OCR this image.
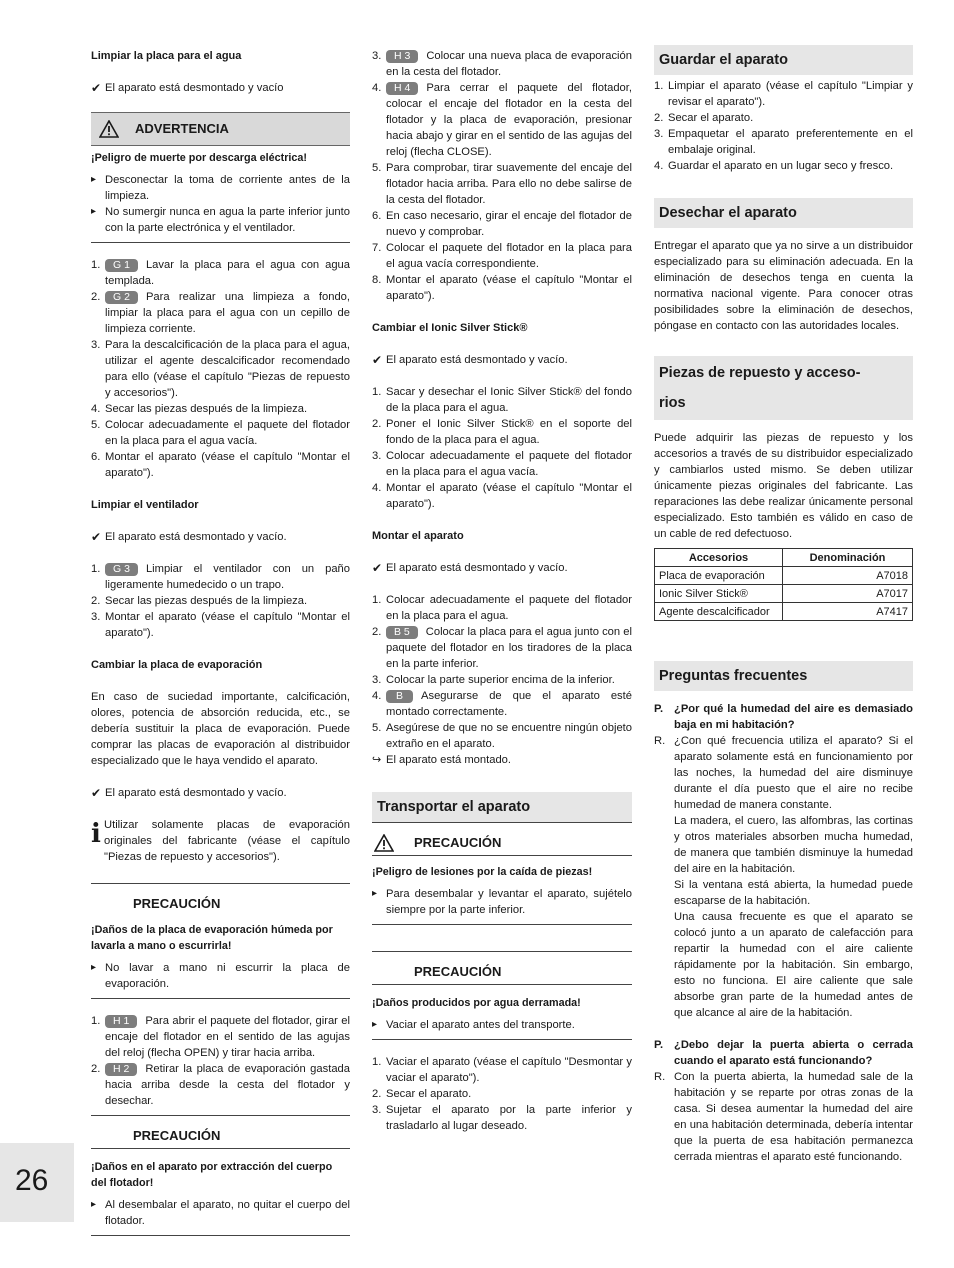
Limpiar la placa para el agua
✔ El aparato está desmontado y vacío
ADVERTENCIA
¡Peligro de muerte por descarga eléctrica!
▸ Desconectar la toma de corriente antes de la limpieza.
▸ No sumergir nunca en agua la parte inferior junto con la parte electrónica y el ventilador.
1. G 1 Lavar la placa para el agua con agua templada.
2. G 2 Para realizar una limpieza a fondo, limpiar la placa para el agua con un cepillo de limpieza corriente.
3. Para la descalcificación de la placa para el agua, utilizar el agente descalcificador recomendado para ello (véase el capítulo "Piezas de repuesto y accesorios").
4. Secar las piezas después de la limpieza.
5. Colocar adecuadamente el paquete del flotador en la placa para el agua vacía.
6. Montar el aparato (véase el capítulo "Montar el aparato").
Limpiar el ventilador
✔ El aparato está desmontado y vacío.
1. G 3 Limpiar el ventilador con un paño ligeramente humedecido o un trapo.
2. Secar las piezas después de la limpieza.
3. Montar el aparato (véase el capítulo "Montar el aparato").
Cambiar la placa de evaporación
En caso de suciedad importante, calcificación, olores, potencia de absorción reducida, etc., se debería sustituir la placa de evaporación. Puede comprar las placas de evaporación al distribuidor especializado que le haya vendido el aparato.
✔ El aparato está desmontado y vacío.
i Utilizar solamente placas de evaporación originales del fabricante (véase el capítulo "Piezas de repuesto y accesorios").
PRECAUCIÓN
¡Daños de la placa de evaporación húmeda por lavarla a mano o escurrirla!
▸ No lavar a mano ni escurrir la placa de evaporación.
1. H 1 Para abrir el paquete del flotador, girar el encaje del flotador en el sentido de las agujas del reloj (flecha OPEN) y tirar hacia arriba.
2. H 2 Retirar la placa de evaporación gastada hacia arriba desde la cesta del flotador y desechar.
PRECAUCIÓN
¡Daños en el aparato por extracción del cuerpo del flotador!
▸ Al desembalar el aparato, no quitar el cuerpo del flotador.
3. H 3 Colocar una nueva placa de evaporación en la cesta del flotador.
4. H 4 Para cerrar el paquete del flotador, colocar el encaje del flotador en la cesta del flotador y la placa de evaporación, presionar hacia abajo y girar en el sentido de las agujas del reloj (flecha CLOSE).
5. Para comprobar, tirar suavemente del encaje del flotador hacia arriba. Para ello no debe salirse de la cesta del flotador.
6. En caso necesario, girar el encaje del flotador de nuevo y comprobar.
7. Colocar el paquete del flotador en la placa para el agua vacía correspondiente.
8. Montar el aparato (véase el capítulo "Montar el aparato").
Cambiar el Ionic Silver Stick®
✔ El aparato está desmontado y vacío.
1. Sacar y desechar el Ionic Silver Stick® del fondo de la placa para el agua.
2. Poner el Ionic Silver Stick® en el soporte del fondo de la placa para el agua.
3. Colocar adecuadamente el paquete del flotador en la placa para el agua vacía.
4. Montar el aparato (véase el capítulo "Montar el aparato").
Montar el aparato
✔ El aparato está desmontado y vacío.
1. Colocar adecuadamente el paquete del flotador en la placa para el agua.
2. B 5 Colocar la placa para el agua junto con el paquete del flotador en los tiradores de la placa en la parte inferior.
3. Colocar la parte superior encima de la inferior.
4. B Asegurarse de que el aparato esté montado correctamente.
5. Asegúrese de que no se encuentre ningún objeto extraño en el aparato.
↪ El aparato está montado.
Transportar el aparato
PRECAUCIÓN
¡Peligro de lesiones por la caída de piezas!
▸ Para desembalar y levantar el aparato, sujételo siempre por la parte inferior.
PRECAUCIÓN
¡Daños producidos por agua derramada!
▸ Vaciar el aparato antes del transporte.
1. Vaciar el aparato (véase el capítulo "Desmontar y vaciar el aparato").
2. Secar el aparato.
3. Sujetar el aparato por la parte inferior y trasladarlo al lugar deseado.
Guardar el aparato
1. Limpiar el aparato (véase el capítulo "Limpiar y revisar el aparato").
2. Secar el aparato.
3. Empaquetar el aparato preferentemente en el embalaje original.
4. Guardar el aparato en un lugar seco y fresco.
Desechar el aparato
Entregar el aparato que ya no sirve a un distribuidor especializado para su eliminación adecuada. En la eliminación de desechos tenga en cuenta la normativa nacional vigente. Para conocer otras posibilidades sobre la eliminación de desechos, póngase en contacto con las autoridades locales.
Piezas de repuesto y acceso-
rios
Puede adquirir las piezas de repuesto y los accesorios a través de su distribuidor especializado y cambiarlos usted mismo. Se deben utilizar únicamente piezas originales del fabricante. Las reparaciones las debe realizar únicamente personal especializado. Esto también es válido en caso de un cable de red defectuoso.
Accesorios	Denominación
Placa de evaporación	A7018
Ionic Silver Stick®	A7017
Agente descalcificador	A7417
Preguntas frecuentes
P. ¿Por qué la humedad del aire es demasiado baja en mi habitación?
R. ¿Con qué frecuencia utiliza el aparato? Si el aparato solamente está en funcionamiento por las noches, la humedad del aire disminuye durante el día puesto que el aire no recibe humedad de manera constante.
La madera, el cuero, las alfombras, las cortinas y otros materiales absorben mucha humedad, de manera que también disminuye la humedad del aire en la habitación.
Si la ventana está abierta, la humedad puede escaparse de la habitación.
Una causa frecuente es que el aparato se colocó junto a un aparato de calefacción para repartir la humedad con el aire caliente rápidamente por la habitación. Sin embargo, esto no funciona. El aire caliente que sale absorbe gran parte de la humedad antes de que alcance al aire de la habitación.
P. ¿Debo dejar la puerta abierta o cerrada cuando el aparato está funcionando?
R. Con la puerta abierta, la humedad sale de la habitación y se reparte por otras zonas de la casa. Si desea aumentar la humedad del aire en una habitación determinada, debería intentar que la puerta de esa habitación permanezca cerrada mientras el aparato esté funcionando.
26
